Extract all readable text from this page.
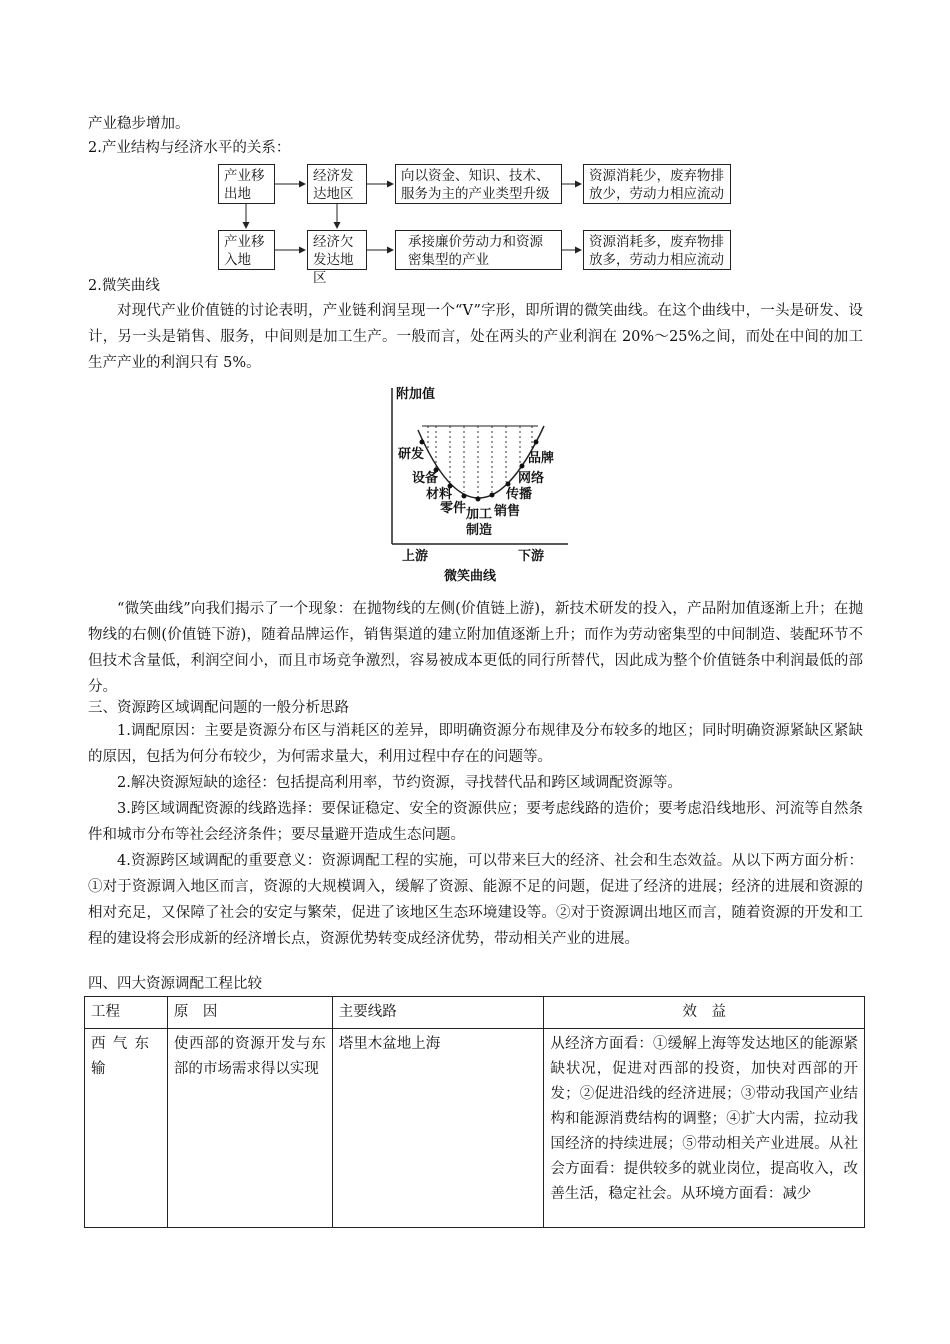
产业稳步增加。
2.产业结构与经济水平的关系：
产业移出地
经济发达地区
向以资金、知识、技术、服务为主的产业类型升级
资源消耗少，废弃物排放少，劳动力相应流动
产业移入地
经济欠发达地区
承接廉价劳动力和资源密集型的产业
资源消耗多，废弃物排放多，劳动力相应流动
2.微笑曲线
对现代产业价值链的讨论表明，产业链利润呈现一个“V”字形，即所谓的微笑曲线。在这个曲线中，一头是研发、设计，另一头是销售、服务，中间则是加工生产。一般而言，处在两头的产业利润在 20%～25%之间，而处在中间的加工生产产业的利润只有 5%。
附加值
研发
设备
材料
零件 加工
制造
销售
传播
网络
品牌
上游	下游
微笑曲线
“微笑曲线”向我们揭示了一个现象：在抛物线的左侧(价值链上游)，新技术研发的投入，产品附加值逐渐上升；在抛物线的右侧(价值链下游)，随着品牌运作，销售渠道的建立附加值逐渐上升；而作为劳动密集型的中间制造、装配环节不但技术含量低，利润空间小，而且市场竞争激烈，容易被成本更低的同行所替代，因此成为整个价值链条中利润最低的部分。
三、资源跨区域调配问题的一般分析思路
1.调配原因：主要是资源分布区与消耗区的差异，即明确资源分布规律及分布较多的地区；同时明确资源紧缺区紧缺的原因，包括为何分布较少，为何需求量大，利用过程中存在的问题等。
2.解决资源短缺的途径：包括提高利用率，节约资源，寻找替代品和跨区域调配资源等。
3.跨区域调配资源的线路选择：要保证稳定、安全的资源供应；要考虑线路的造价；要考虑沿线地形、河流等自然条件和城市分布等社会经济条件；要尽量避开造成生态问题。
4.资源跨区域调配的重要意义：资源调配工程的实施，可以带来巨大的经济、社会和生态效益。从以下两方面分析：①对于资源调入地区而言，资源的大规模调入，缓解了资源、能源不足的问题，促进了经济的进展；经济的进展和资源的相对充足，又保障了社会的安定与繁荣，促进了该地区生态环境建设等。②对于资源调出地区而言，随着资源的开发和工程的建设将会形成新的经济增长点，资源优势转变成经济优势，带动相关产业的进展。
四、四大资源调配工程比较
工程	原　因	主要线路	效　益
西气东输	使西部的资源开发与东部的市场需求得以实现	塔里木盆地上海	从经济方面看：①缓解上海等发达地区的能源紧缺状况，促进对西部的投资，加快对西部的开发；②促进沿线的经济进展；③带动我国产业结构和能源消费结构的调整；④扩大内需，拉动我国经济的持续进展；⑤带动相关产业进展。从社会方面看：提供较多的就业岗位，提高收入，改善生活，稳定社会。从环境方面看：减少
